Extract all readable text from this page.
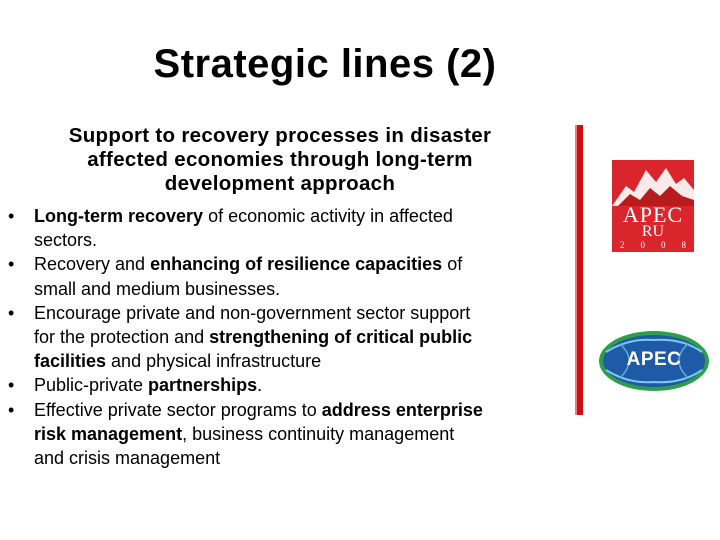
Strategic lines (2)
Support to recovery processes in disaster
affected economies through long-term
development approach
• Long-term recovery of economic activity in affected
sectors.
• Recovery and enhancing of resilience capacities of
small and medium businesses.
• Encourage private and non-government sector support
for the protection and strengthening of critical public
facilities and physical infrastructure
• Public-private partnerships.
• Effective private sector programs to address enterprise
risk management, business continuity management
and crisis management
APEC
RU
2 0 0 8
APEC
